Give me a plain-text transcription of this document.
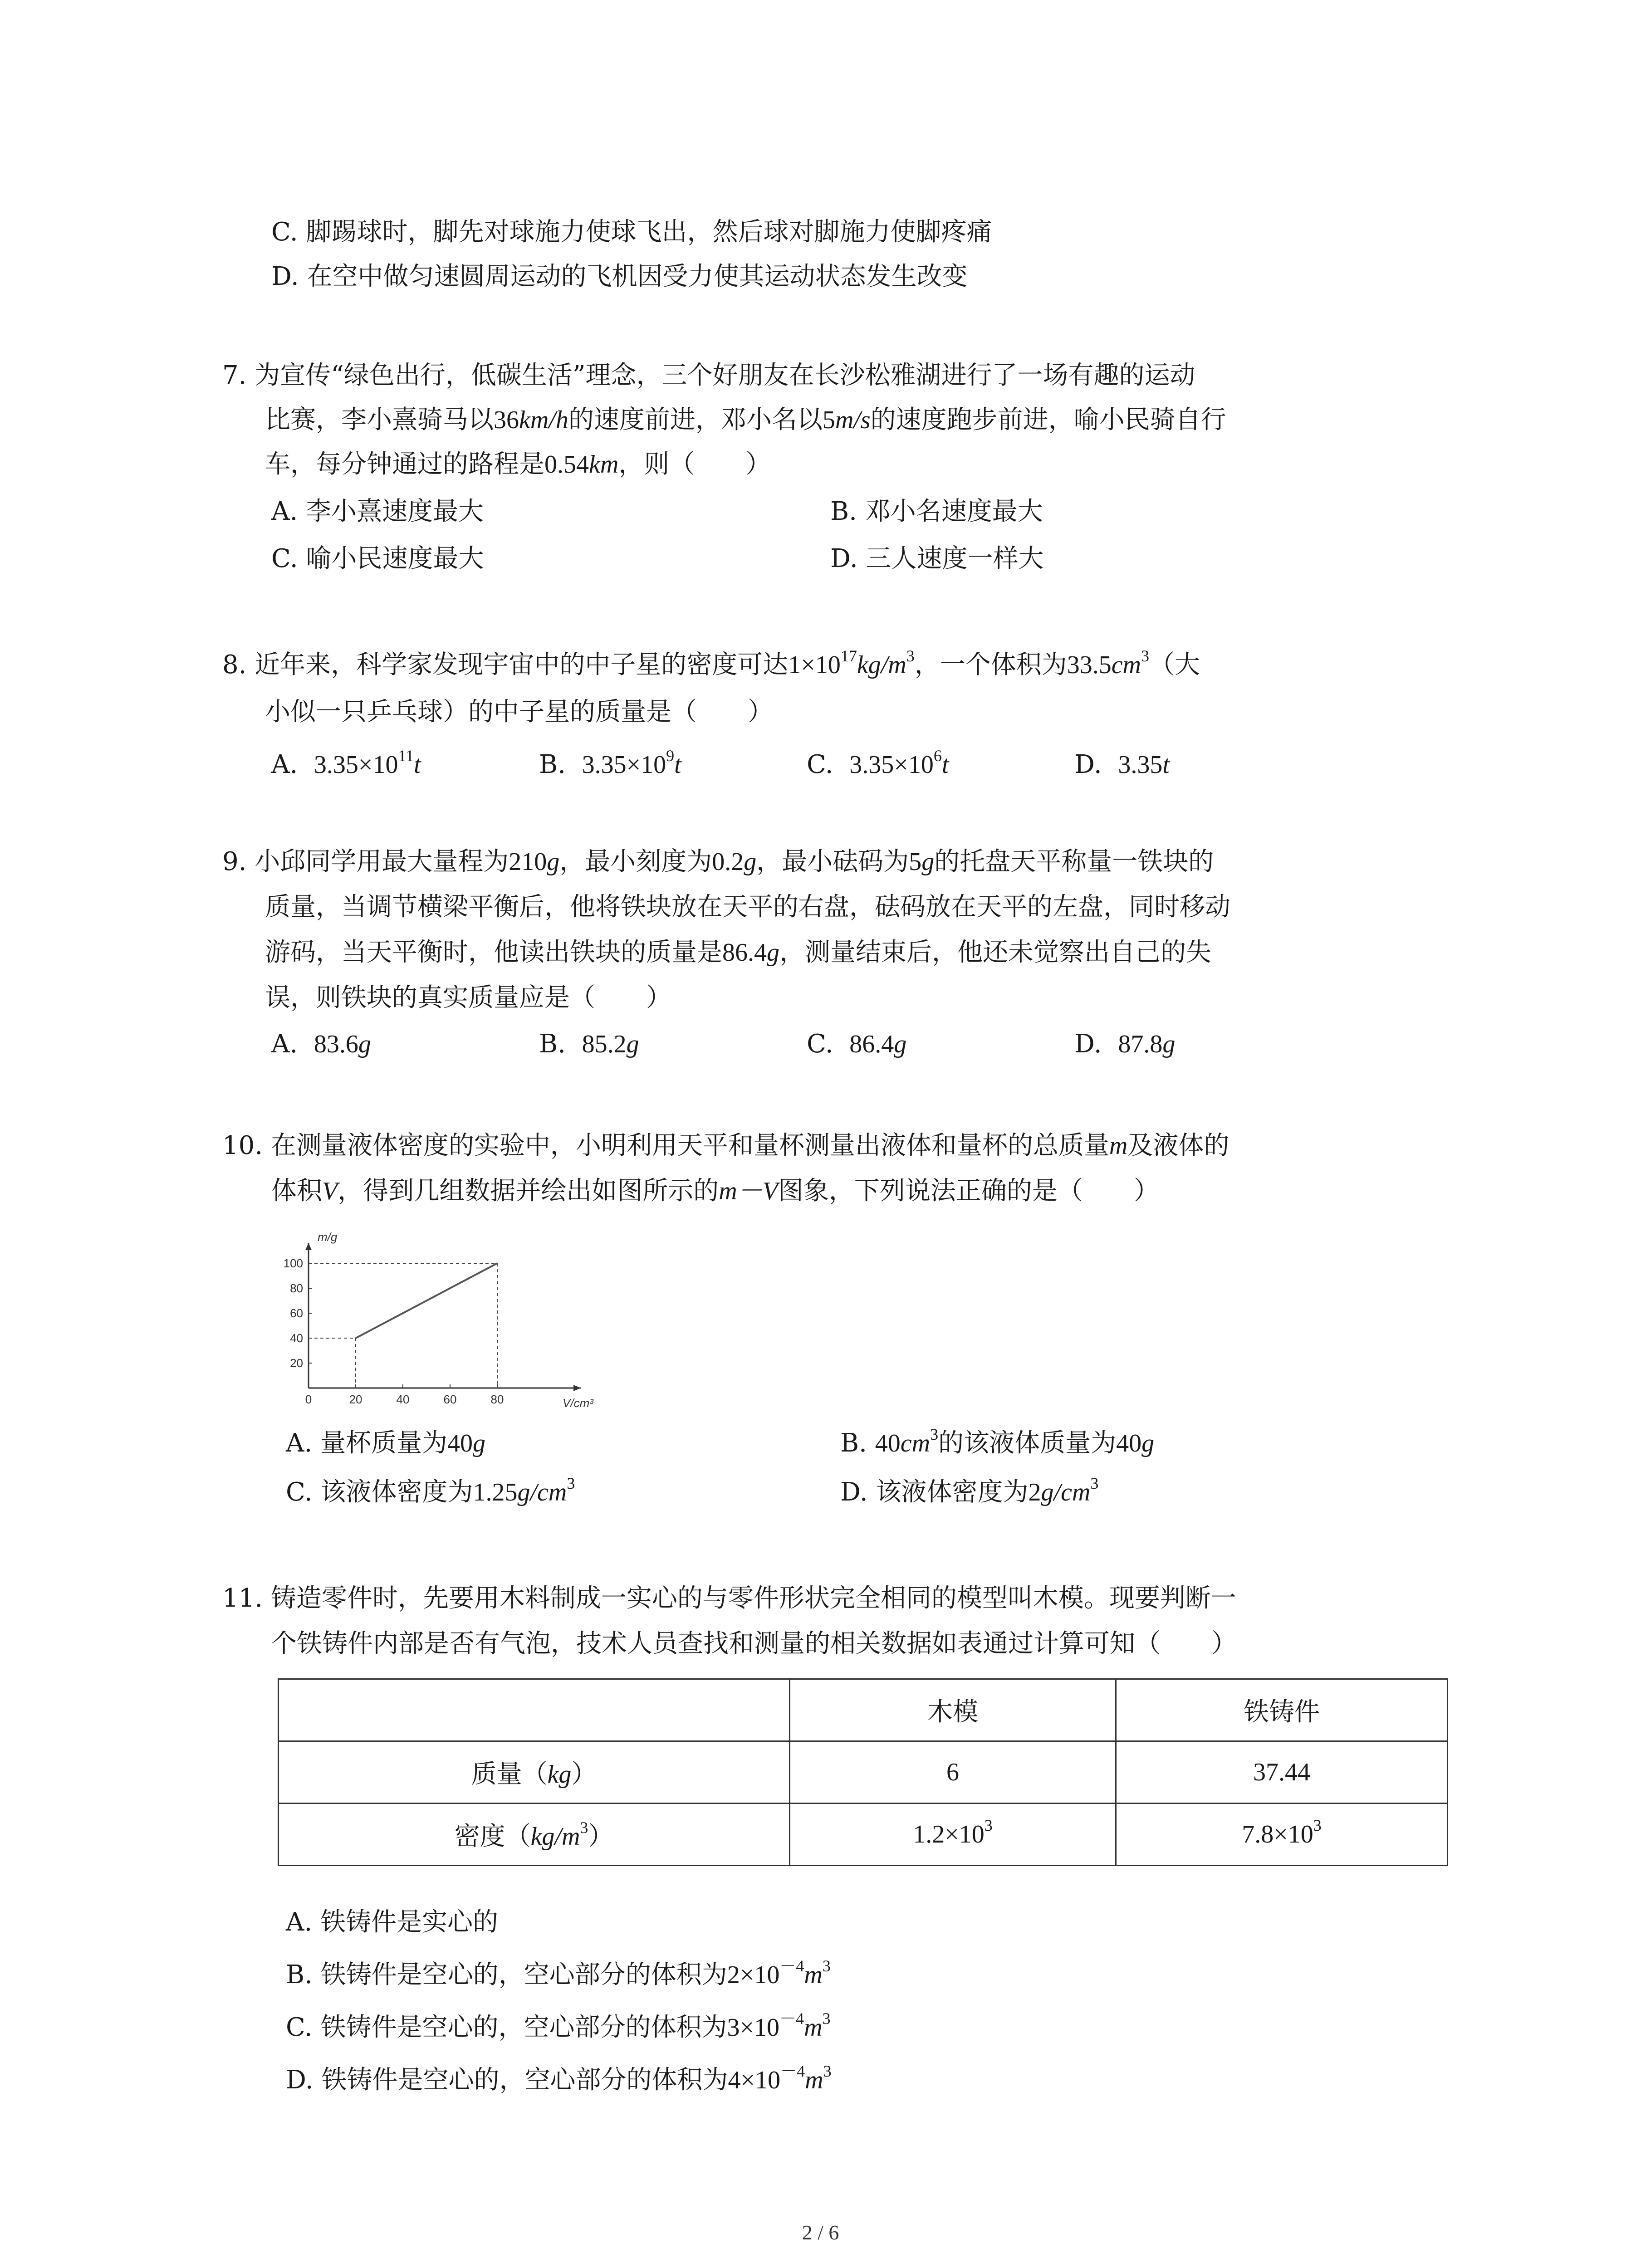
C. 脚踢球时，脚先对球施力使球飞出，然后球对脚施力使脚疼痛
D. 在空中做匀速圆周运动的飞机因受力使其运动状态发生改变
7. 为宣传“绿色出行，低碳生活”理念，三个好朋友在长沙松雅湖进行了一场有趣的运动
比赛，李小熹骑马以36km/h的速度前进，邓小名以5m/s的速度跑步前进，喻小民骑自行
车，每分钟通过的路程是0.54km，则（　　）
A. 李小熹速度最大	B. 邓小名速度最大
C. 喻小民速度最大	D. 三人速度一样大
8. 近年来，科学家发现宇宙中的中子星的密度可达$1\times 10^{17}kg/m^3$，一个体积为$33.5cm^3$（大
小似一只乒乓球）的中子星的质量是（　　）
A. $3.35\times 10^{11}t$	B. $3.35\times 10^9t$	C. $3.35\times 10^6t$	D. 3.35t
9. 小邱同学用最大量程为210g，最小刻度为0.2g，最小砝码为5g的托盘天平称量一铁块的
质量，当调节横梁平衡后，他将铁块放在天平的右盘，砝码放在天平的左盘，同时移动
游码，当天平衡时，他读出铁块的质量是86.4g，测量结束后，他还未觉察出自己的失
误，则铁块的真实质量应是（　　）
A. 83.6g	B. 85.2g	C. 86.4g	D. 87.8g
10. 在测量液体密度的实验中，小明利用天平和量杯测量出液体和量杯的总质量m及液体的
体积V，得到几组数据并绘出如图所示的m－V图象，下列说法正确的是（　　）
0	20	40	60	80
20
40
60
80
100
m/g
V/cm³
A. 量杯质量为40g	B. $40cm^3$的该液体质量为40g
C. 该液体密度为$1.25g/cm^3$	D. 该液体密度为$2g/cm^3$
11. 铸造零件时，先要用木料制成一实心的与零件形状完全相同的模型叫木模。现要判断一
个铁铸件内部是否有气泡，技术人员查找和测量的相关数据如表通过计算可知（　　）
	木模	铁铸件
质量（kg）	6	37.44
密度$(kg/m^3)$	$1.2\times 10^3$	$7.8\times 10^3$
A. 铁铸件是实心的
B. 铁铸件是空心的，空心部分的体积为$2\times 10^{-4}m^3$
C. 铁铸件是空心的，空心部分的体积为$3\times 10^{-4}m^3$
D. 铁铸件是空心的，空心部分的体积为$4\times 10^{-4}m^3$
2 / 6
